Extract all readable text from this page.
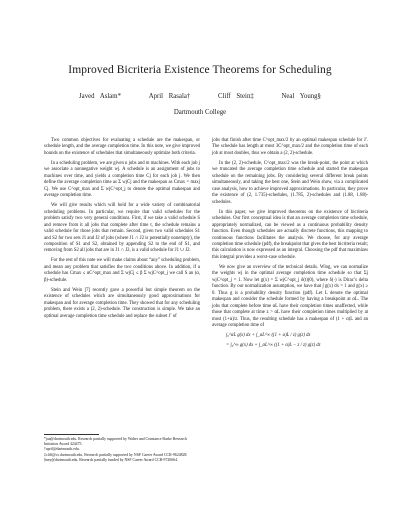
Improved Bicriteria Existence Theorems for Scheduling
Javed Aslam*	April Rasala†	Cliff Stein‡	Neal Young§
Dartmouth College

Two common objectives for evaluating a schedule are the makespan, or schedule length, and the average completion time. In this note, we give improved bounds on the existence of schedules that simultaneously optimize both criteria.

In a scheduling problem, we are given n jobs and m machines. With each job j we associate a nonnegative weight wj. A schedule is an assignment of jobs to machines over time, and yields a completion time Cj for each job j. We then define the average completion time as Σ wjCj and the makespan as Cmax = maxj Cj. We use C^opt_max and Σ wjC^opt_j to denote the optimal makespan and average completion time.

We will give results which will hold for a wide variety of combinatorial scheduling problems. In particular, we require that valid schedules for the problem satisfy two very general conditions. First, if we take a valid schedule S and remove from it all jobs that complete after time t, the schedule remains a valid schedule for those jobs that remain. Second, given two valid schedules S1 and S2 for two sets J1 and J2 of jobs (where J1 ∩ J2 is potentially nonempty), the composition of S1 and S2, obtained by appending S2 to the end of S1, and removing from S2 all jobs that are in J1 ∩ J2, is a valid schedule for J1 ∪ J2.

For the rest of this note we will make claims about “any” scheduling problem, and mean any problem that satisfies the two conditions above. In addition, if a schedule has Cmax ≤ αC^opt_max and Σ wjCj ≤ β Σ wjC^opt_j we call S an (α, β)-schedule.

Stein and Wein [7] recently gave a powerful but simple theorem on the existence of schedules which are simultaneously good approximations for makespan and for average completion time. They showed that for any scheduling problem, there exists a (2, 2)-schedule. The construction is simple. We take an optimal average completion time schedule and replace the subset J′ of

*jaa@dartmouth.edu. Research partially supported by Walter and Constance Burke Research Initiation Award 424475.
†april@dartmouth.edu.
‡cliff@cs.dartmouth.edu. Research partially supported by NSF Career Award CCR-9624828.
§ney@dartmouth.edu. Research partially funded by NSF Career Award CCR-9720664.

jobs that finish after time C^opt_max/2 by an optimal makespan schedule for J′. The schedule has length at most 3C^opt_max/2 and the completion time of each job at most doubles, thus we obtain a (2, 2)-schedule.

In the (2, 2)-schedule, C^opt_max/2 was the break-point, the point at which we truncated the average completion time schedule and started the makespan schedule on the remaining jobs. By considering several different break points simultaneously, and taking the best one, Stein and Wein show, via a complicated case analysis, how to achieve improved approximations. In particular, they prove the existence of (2, 1.735)-schedules, (1.785, 2)-schedules and (1.88, 1.88)-schedules.

In this paper, we give improved theorems on the existence of bicriteria schedules. Our first conceptual idea is that an average completion time schedule, appropriately normalized, can be viewed as a continuous probability density function. Even though schedules are actually discrete functions, this mapping to continuous functions facilitates the analysis. We choose, for any average completion time schedule (pdf), the breakpoint that gives the best bicriteria result; this calculation is now expressed as an integral. Choosing the pdf that maximizes this integral provides a worst-case schedule.

We now give an overview of the technical details. Wlog, we can normalize the weights wj in the optimal average completion time schedule so that Σj wjC^opt_j = 1. Now let g(x) = Σ wjC^opt_j δ(t)(0), where δ(·) is Dirac’s delta function. By our normalization assumption, we have that ∫ g(x) dx = 1 and g(x) ≥ 0. Thus g is a probability density function (pdf). Let L denote the optimal makespan and consider the schedule formed by having a breakpoint at αL. The jobs that complete before time αL have their completion times unaffected, while those that complete at time z > αL have their completion times multiplied by at most (1+α)/z. Thus, the resulting schedule has a makespan of (1 + α)L and an average completion time of

∫₀^αL g(x) dx + ∫_αL^∞ ((1 + α)L / z) g(z) dz
= ∫₀^∞ g(x) dx + ∫_αL^∞ ((1 + α)L − z / z) g(z) dz
